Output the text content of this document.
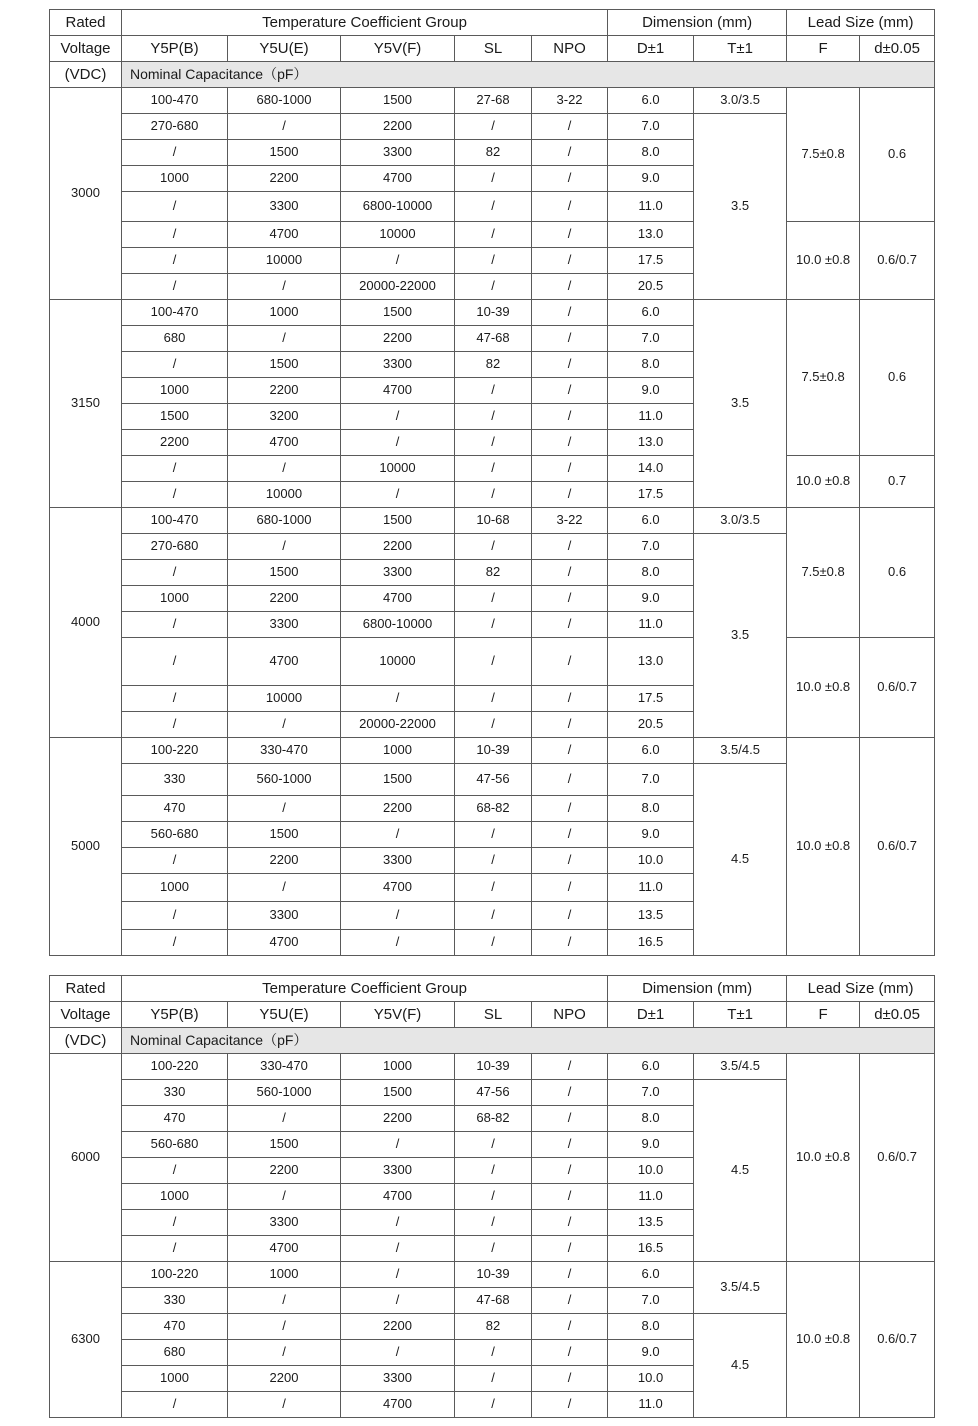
Rated	Temperature Coefficient Group					Dimension (mm)		Lead Size (mm)	
Voltage	Y5P(B)	Y5U(E)	Y5V(F)	SL	NPO	D±1	T±1	F	d±0.05
(VDC)	Nominal Capacitance（pF）								
3000	100-470	680-1000	1500	27-68	3-22	6.0	3.0/3.5	7.5±0.8	0.6
	270-680	/	2200	/	/	7.0	3.5		
	/	1500	3300	82	/	8.0			
	1000	2200	4700	/	/	9.0			
	/	3300	6800-10000	/	/	11.0			
	/	4700	10000	/	/	13.0		10.0 ±0.8	0.6/0.7
	/	10000	/	/	/	17.5			
	/	/	20000-22000	/	/	20.5			
3150	100-470	1000	1500	10-39	/	6.0	3.5	7.5±0.8	0.6
	680	/	2200	47-68	/	7.0			
	/	1500	3300	82	/	8.0			
	1000	2200	4700	/	/	9.0			
	1500	3200	/	/	/	11.0			
	2200	4700	/	/	/	13.0			
	/	/	10000	/	/	14.0		10.0 ±0.8	0.7
	/	10000	/	/	/	17.5			
4000	100-470	680-1000	1500	10-68	3-22	6.0	3.0/3.5	7.5±0.8	0.6
	270-680	/	2200	/	/	7.0	3.5		
	/	1500	3300	82	/	8.0			
	1000	2200	4700	/	/	9.0			
	/	3300	6800-10000	/	/	11.0			
	/	4700	10000	/	/	13.0		10.0 ±0.8	0.6/0.7
	/	10000	/	/	/	17.5			
	/	/	20000-22000	/	/	20.5			
5000	100-220	330-470	1000	10-39	/	6.0	3.5/4.5	10.0 ±0.8	0.6/0.7
	330	560-1000	1500	47-56	/	7.0	4.5		
	470	/	2200	68-82	/	8.0			
	560-680	1500	/	/	/	9.0			
	/	2200	3300	/	/	10.0			
	1000	/	4700	/	/	11.0			
	/	3300	/	/	/	13.5			
	/	4700	/	/	/	16.5			
Rated	Temperature Coefficient Group					Dimension (mm)		Lead Size (mm)	
Voltage	Y5P(B)	Y5U(E)	Y5V(F)	SL	NPO	D±1	T±1	F	d±0.05
(VDC)	Nominal Capacitance（pF）								
6000	100-220	330-470	1000	10-39	/	6.0	3.5/4.5	10.0 ±0.8	0.6/0.7
	330	560-1000	1500	47-56	/	7.0	4.5		
	470	/	2200	68-82	/	8.0			
	560-680	1500	/	/	/	9.0			
	/	2200	3300	/	/	10.0			
	1000	/	4700	/	/	11.0			
	/	3300	/	/	/	13.5			
	/	4700	/	/	/	16.5			
6300	100-220	1000	/	10-39	/	6.0	3.5/4.5	10.0 ±0.8	0.6/0.7
	330	/	/	47-68	/	7.0			
	470	/	2200	82	/	8.0	4.5		
	680	/	/	/	/	9.0			
	1000	2200	3300	/	/	10.0			
	/	/	4700	/	/	11.0			
